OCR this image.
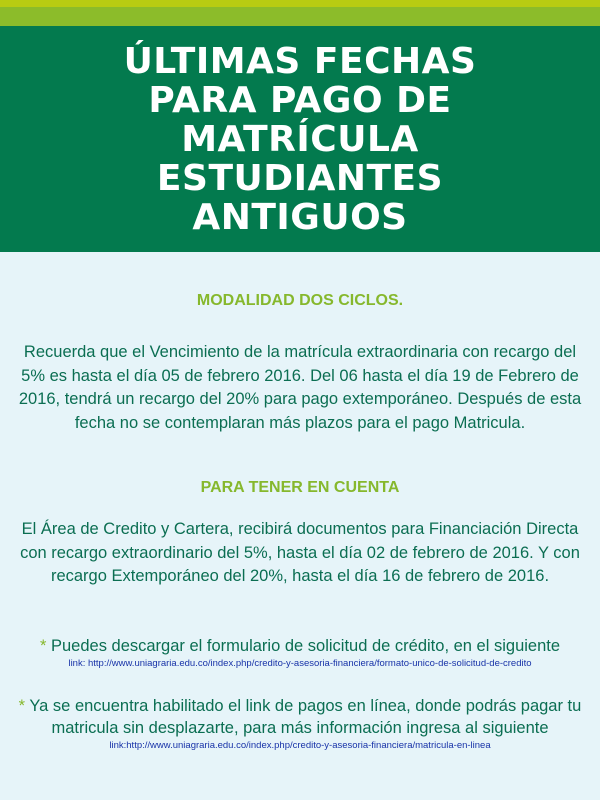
ÚLTIMAS FECHAS PARA PAGO DE MATRÍCULA ESTUDIANTES ANTIGUOS
MODALIDAD DOS CICLOS.

Recuerda que el Vencimiento de la matrícula extraordinaria con recargo del 5% es hasta el día 05 de febrero 2016. Del 06 hasta el día 19 de Febrero de 2016, tendrá un recargo del 20% para pago extemporáneo. Después de esta fecha no se contemplaran más plazos para el pago Matricula.

PARA TENER EN CUENTA

El Área de Credito y Cartera, recibirá documentos para Financiación Directa con recargo extraordinario del 5%, hasta el día 02 de febrero de 2016. Y con recargo Extemporáneo del 20%, hasta el día 16 de febrero de 2016.

* Puedes descargar el formulario de solicitud de crédito, en el siguiente
link: http://www.uniagraria.edu.co/index.php/credito-y-asesoria-financiera/formato-unico-de-solicitud-de-credito

* Ya se encuentra habilitado el link de pagos en línea, donde podrás pagar tu matricula sin desplazarte, para más información ingresa al siguiente
link:http://www.uniagraria.edu.co/index.php/credito-y-asesoria-financiera/matricula-en-linea
